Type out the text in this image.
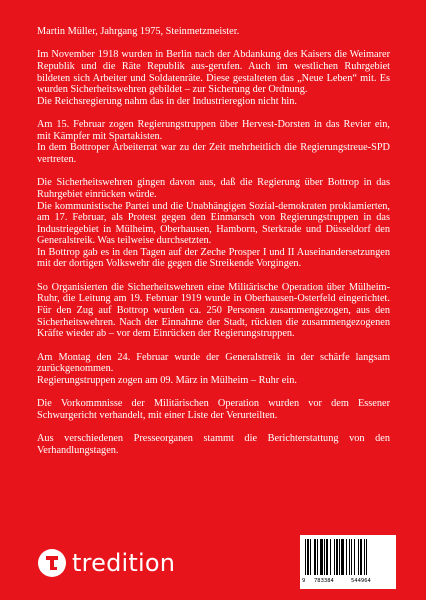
Martin Müller, Jahrgang 1975, Steinmetzmeister.

Im November 1918 wurden in Berlin nach der Abdankung des Kaisers die Weimarer Republik und die Räte Republik aus-gerufen. Auch im westlichen Ruhrgebiet bildeten sich Arbeiter und Soldatenräte. Diese gestalteten das „Neue Leben“ mit. Es wurden Sicherheitswehren gebildet – zur Sicherung der Ordnung.
Die Reichsregierung nahm das in der Industrieregion nicht hin.

Am 15. Februar zogen Regierungstruppen über Hervest-Dorsten in das Revier ein, mit Kämpfer mit Spartakisten.
In dem Bottroper Arbeiterrat war zu der Zeit mehrheitlich die Regierungstreue-SPD vertreten.

Die Sicherheitswehren gingen davon aus, daß die Regierung über Bottrop in das Ruhrgebiet einrücken würde.
Die kommunistische Partei und die Unabhängigen Sozial-demokraten proklamierten, am 17. Februar, als Protest gegen den Einmarsch von Regierungstruppen in das Industriegebiet in Mülheim, Oberhausen, Hamborn, Sterkrade und Düsseldorf den Generalstreik. Was teilweise durchsetzten.
In Bottrop gab es in den Tagen auf der Zeche Prosper I und II Auseinandersetzungen mit der dortigen Volkswehr die gegen die Streikende Vorgingen.

So Organisierten die Sicherheitswehren eine Militärische Operation über Mülheim-Ruhr, die Leitung am 19. Februar 1919 wurde in Oberhausen-Osterfeld eingerichtet. Für den Zug auf Bottrop wurden ca. 250 Personen zusammengezogen, aus den Sicherheitswehren. Nach der Einnahme der Stadt, rückten die zusammengezogenen Kräfte wieder ab – vor dem Einrücken der Regierungstruppen.

Am Montag den 24. Februar wurde der Generalstreik in der schärfe langsam zurückgenommen.
Regierungstruppen zogen am 09. März in Mülheim – Ruhr ein.

Die Vorkommnisse der Militärischen Operation wurden vor dem Essener Schwurgericht verhandelt, mit einer Liste der Verurteilten.

Aus verschiedenen Presseorganen stammt die Berichterstattung von den Verhandlungstagen.

tredition
9 783384	544964
